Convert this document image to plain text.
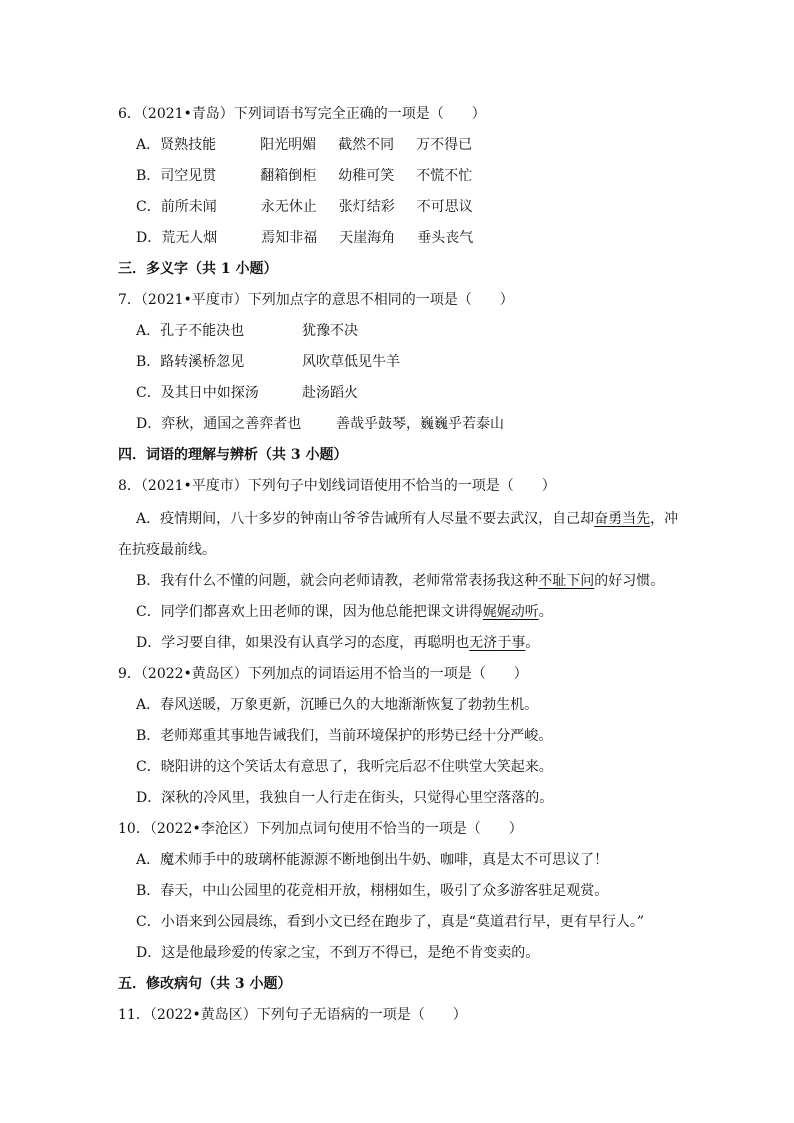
6．（2021•青岛）下列词语书写完全正确的一项是（　　）
A．贤熟技能	阳光明媚 截然不同 万不得已
B．司空见贯	翻箱倒柜 幼稚可笑 不慌不忙
C．前所未闻	永无休止 张灯结彩 不可思议
D．荒无人烟	焉知非福 天崖海角 垂头丧气
三．多义字（共 1 小题）
7．（2021•平度市）下列加点字的意思不相同的一项是（　　）
A．孔子不能决也	犹豫不决
B．路转溪桥忽见	风吹草低见牛羊
C．及其日中如探汤	赴汤蹈火
D．弈秋，通国之善弈者也 善哉乎鼓琴，巍巍乎若泰山
四．词语的理解与辨析（共 3 小题）
8．（2021•平度市）下列句子中划线词语使用不恰当的一项是（　　）
A．疫情期间，八十多岁的钟南山爷爷告诫所有人尽量不要去武汉，自己却奋勇当先，冲
在抗疫最前线。
B．我有什么不懂的问题，就会向老师请教，老师常常表扬我这种不耻下问的好习惯。
C．同学们都喜欢上田老师的课，因为他总能把课文讲得娓娓动听。
D．学习要自律，如果没有认真学习的态度，再聪明也无济于事。
9．（2022•黄岛区）下列加点的词语运用不恰当的一项是（　　）
A．春风送暖，万象更新，沉睡已久的大地渐渐恢复了勃勃生机。
B．老师郑重其事地告诫我们，当前环境保护的形势已经十分严峻。
C．晓阳讲的这个笑话太有意思了，我听完后忍不住哄堂大笑起来。
D．深秋的冷风里，我独自一人行走在街头，只觉得心里空落落的。
10．（2022•李沧区）下列加点词句使用不恰当的一项是（　　）
A．魔术师手中的玻璃杯能源源不断地倒出牛奶、咖啡，真是太不可思议了！
B．春天，中山公园里的花竞相开放，栩栩如生，吸引了众多游客驻足观赏。
C．小语来到公园晨练，看到小文已经在跑步了，真是“莫道君行早，更有早行人。”
D．这是他最珍爱的传家之宝，不到万不得已，是绝不肯变卖的。
五．修改病句（共 3 小题）
11．（2022•黄岛区）下列句子无语病的一项是（　　）
